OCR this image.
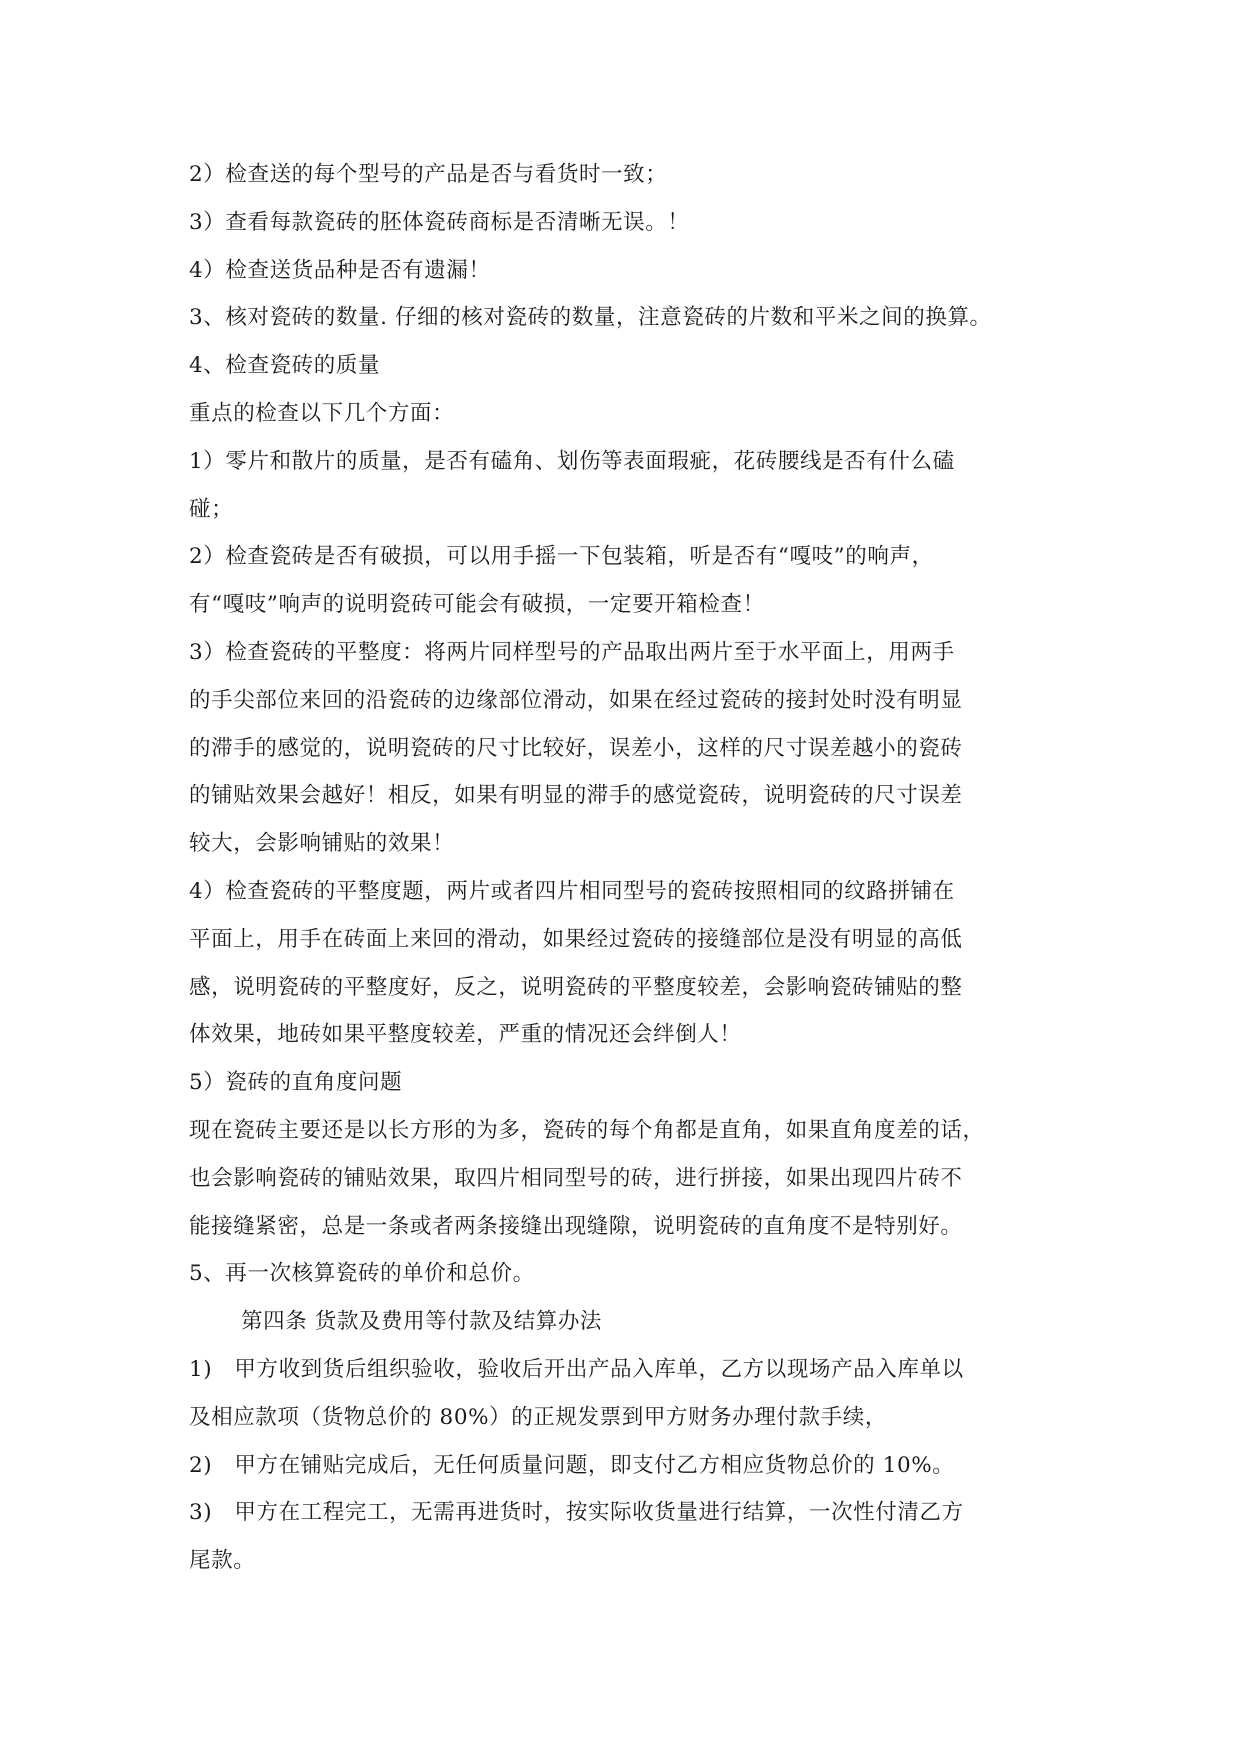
2）检查送的每个型号的产品是否与看货时一致；

3）查看每款瓷砖的胚体瓷砖商标是否清晰无误。！

4）检查送货品种是否有遗漏！

3、核对瓷砖的数量. 仔细的核对瓷砖的数量，注意瓷砖的片数和平米之间的换算。

4、检查瓷砖的质量

重点的检查以下几个方面：

1）零片和散片的质量，是否有磕角、划伤等表面瑕疵，花砖腰线是否有什么磕

碰；

2）检查瓷砖是否有破损，可以用手摇一下包装箱，听是否有“嘎吱”的响声，

有“嘎吱”响声的说明瓷砖可能会有破损，一定要开箱检查！

3）检查瓷砖的平整度：将两片同样型号的产品取出两片至于水平面上，用两手

的手尖部位来回的沿瓷砖的边缘部位滑动，如果在经过瓷砖的接封处时没有明显

的滞手的感觉的，说明瓷砖的尺寸比较好，误差小，这样的尺寸误差越小的瓷砖

的铺贴效果会越好！相反，如果有明显的滞手的感觉瓷砖，说明瓷砖的尺寸误差

较大，会影响铺贴的效果！

4）检查瓷砖的平整度题，两片或者四片相同型号的瓷砖按照相同的纹路拼铺在

平面上，用手在砖面上来回的滑动，如果经过瓷砖的接缝部位是没有明显的高低

感，说明瓷砖的平整度好，反之，说明瓷砖的平整度较差，会影响瓷砖铺贴的整

体效果，地砖如果平整度较差，严重的情况还会绊倒人！

5）瓷砖的直角度问题

现在瓷砖主要还是以长方形的为多，瓷砖的每个角都是直角，如果直角度差的话，

也会影响瓷砖的铺贴效果，取四片相同型号的砖，进行拼接，如果出现四片砖不

能接缝紧密，总是一条或者两条接缝出现缝隙，说明瓷砖的直角度不是特别好。

5、再一次核算瓷砖的单价和总价。

第四条 货款及费用等付款及结算办法

1)　甲方收到货后组织验收，验收后开出产品入库单，乙方以现场产品入库单以

及相应款项（货物总价的 80%）的正规发票到甲方财务办理付款手续，

2)　甲方在铺贴完成后，无任何质量问题，即支付乙方相应货物总价的 10%。

3)　甲方在工程完工，无需再进货时，按实际收货量进行结算，一次性付清乙方

尾款。
